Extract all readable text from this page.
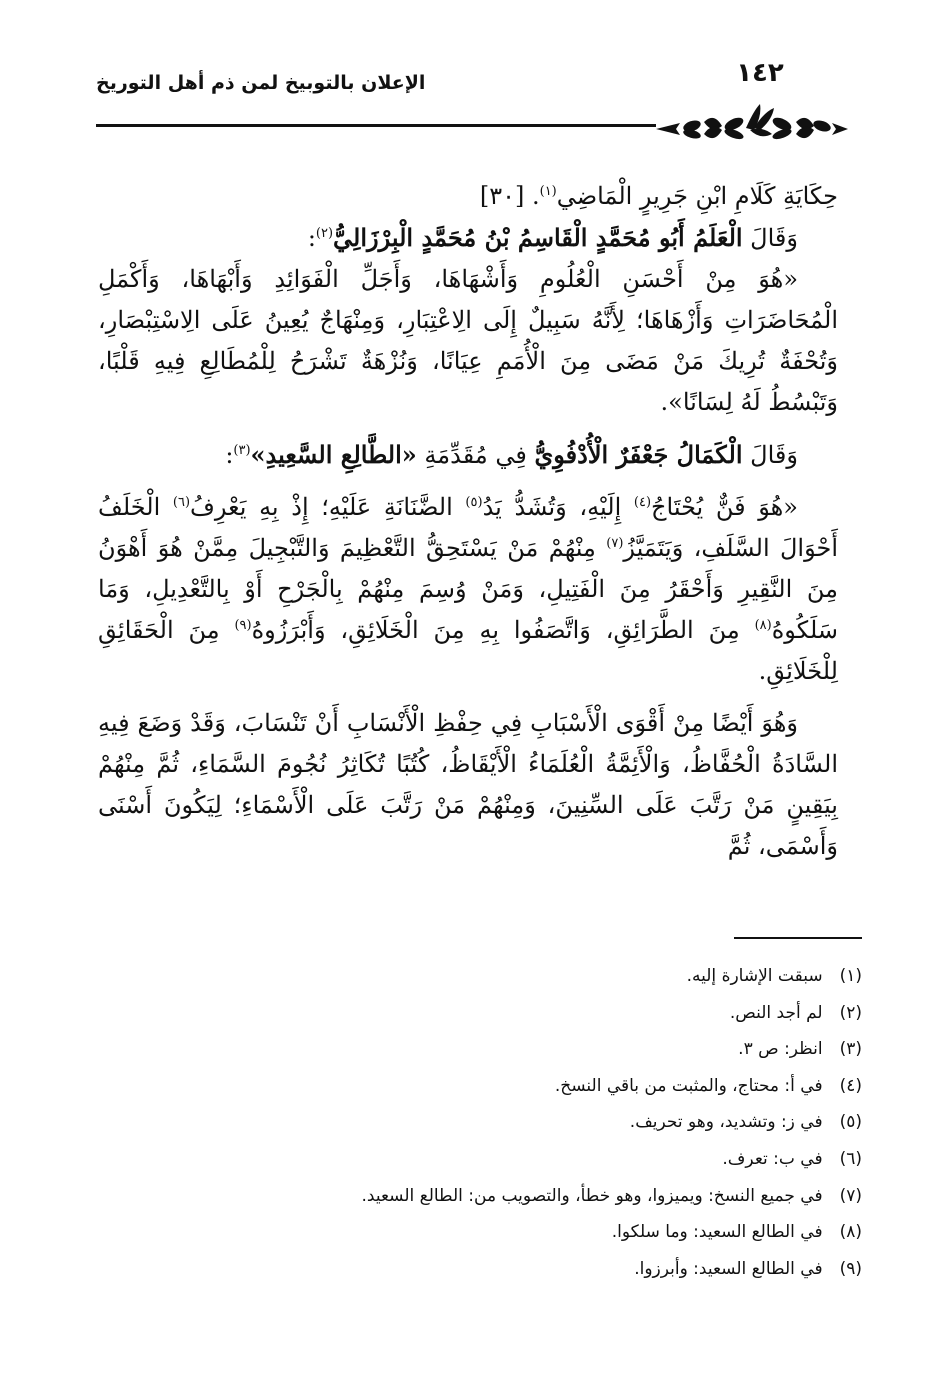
الإعلان بالتوبيخ لمن ذم أهل التوريخ	١٤٢

حِكَايَةِ كَلَامِ ابْنِ جَرِيرٍ الْمَاضِي$^{(١)}$. [٣٠]

وَقَالَ الْعَلَمُ أَبُو مُحَمَّدٍ الْقَاسِمُ بْنُ مُحَمَّدٍ الْبِرْزَالِيُّ$^{(٢)}$:

«هُوَ مِنْ أَحْسَنِ الْعُلُومِ وَأَشْهَاهَا، وَأَجَلِّ الْفَوَائِدِ وَأَبْهَاهَا، وَأَكْمَلِ الْمُحَاضَرَاتِ وَأَزْهَاهَا؛ لِأَنَّهُ سَبِيلٌ إِلَى الِاعْتِبَارِ، وَمِنْهَاجٌ يُعِينُ عَلَى الِاسْتِبْصَارِ، وَتُحْفَةٌ تُرِيكَ مَنْ مَضَى مِنَ الْأُمَمِ عِيَانًا، وَنُزْهَةٌ تَشْرَحُ لِلْمُطَالِعِ فِيهِ قَلْبًا، وَتَبْسُطُ لَهُ لِسَانًا».

وَقَالَ الْكَمَالُ جَعْفَرٌ الْأُدْفُوِيُّ فِي مُقَدِّمَةِ «الطَّالِعِ السَّعِيدِ»$^{(٣)}$:

«هُوَ فَنٌّ يُحْتَاجُ$^{(٤)}$ إِلَيْهِ، وَتُشَدُّ يَدُ$^{(٥)}$ الضَّنَانَةِ عَلَيْهِ؛ إِذْ بِهِ يَعْرِفُ$^{(٦)}$ الْخَلَفُ أَحْوَالَ السَّلَفِ، وَيَتَمَيَّزُ$^{(٧)}$ مِنْهُمْ مَنْ يَسْتَحِقُّ التَّعْظِيمَ وَالتَّبْجِيلَ مِمَّنْ هُوَ أَهْوَنُ مِنَ النَّقِيرِ وَأَحْقَرُ مِنَ الْفَتِيلِ، وَمَنْ وُسِمَ مِنْهُمْ بِالْجَرْحِ أَوْ بِالتَّعْدِيلِ، وَمَا سَلَكُوهُ$^{(٨)}$ مِنَ الطَّرَائِقِ، وَاتَّصَفُوا بِهِ مِنَ الْخَلَائِقِ، وَأَبْرَزُوهُ$^{(٩)}$ مِنَ الْحَقَائِقِ لِلْخَلَائِقِ.

وَهُوَ أَيْضًا مِنْ أَقْوَى الْأَسْبَابِ فِي حِفْظِ الْأَنْسَابِ أَنْ تَنْسَابَ، وَقَدْ وَضَعَ فِيهِ السَّادَةُ الْحُفَّاظُ، وَالْأَئِمَّةُ الْعُلَمَاءُ الْأَيْقَاظُ، كُتُبًا تُكَاثِرُ نُجُومَ السَّمَاءِ، ثُمَّ مِنْهُمْ بِيَقِينٍ مَنْ رَتَّبَ عَلَى السِّنِينَ، وَمِنْهُمْ مَنْ رَتَّبَ عَلَى الْأَسْمَاءِ؛ لِيَكُونَ أَسْنَى وَأَسْمَى، ثُمَّ

(١) سبقت الإشارة إليه.
(٢) لم أجد النص.
(٣) انظر: ص ٣.
(٤) في أ: محتاج، والمثبت من باقي النسخ.
(٥) في ز: وتشديد، وهو تحريف.
(٦) في ب: تعرف.
(٧) في جميع النسخ: ويميزوا، وهو خطأ، والتصويب من: الطالع السعيد.
(٨) في الطالع السعيد: وما سلكوا.
(٩) في الطالع السعيد: وأبرزوا.
